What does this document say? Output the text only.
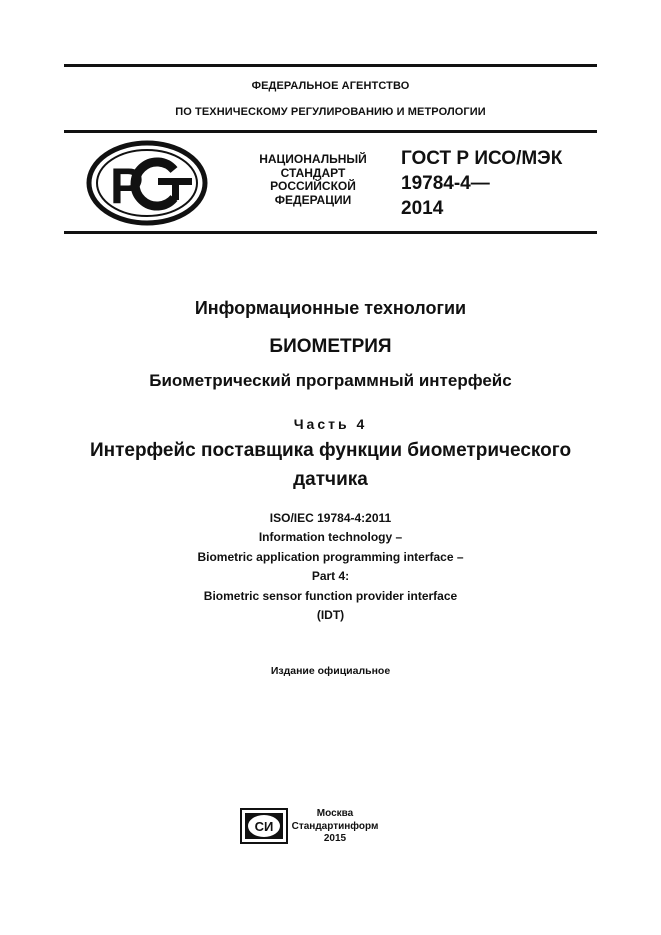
ФЕДЕРАЛЬНОЕ АГЕНТСТВО
ПО ТЕХНИЧЕСКОМУ РЕГУЛИРОВАНИЮ И МЕТРОЛОГИИ
Р	НАЦИОНАЛЬНЫЙ
СТАНДАРТ
РОССИЙСКОЙ
ФЕДЕРАЦИИ
ГОСТ Р ИСО/МЭК
19784-4—
2014
Информационные технологии
БИОМЕТРИЯ
Биометрический программный интерфейс
Часть 4
Интерфейс поставщика функции биометрического
датчика
ISO/IEC 19784-4:2011
Information technology –
Biometric application programming interface –
Part 4:
Biometric sensor function provider interface
(IDT)
Издание официальное
СИ
Москва
Стандартинформ
2015
